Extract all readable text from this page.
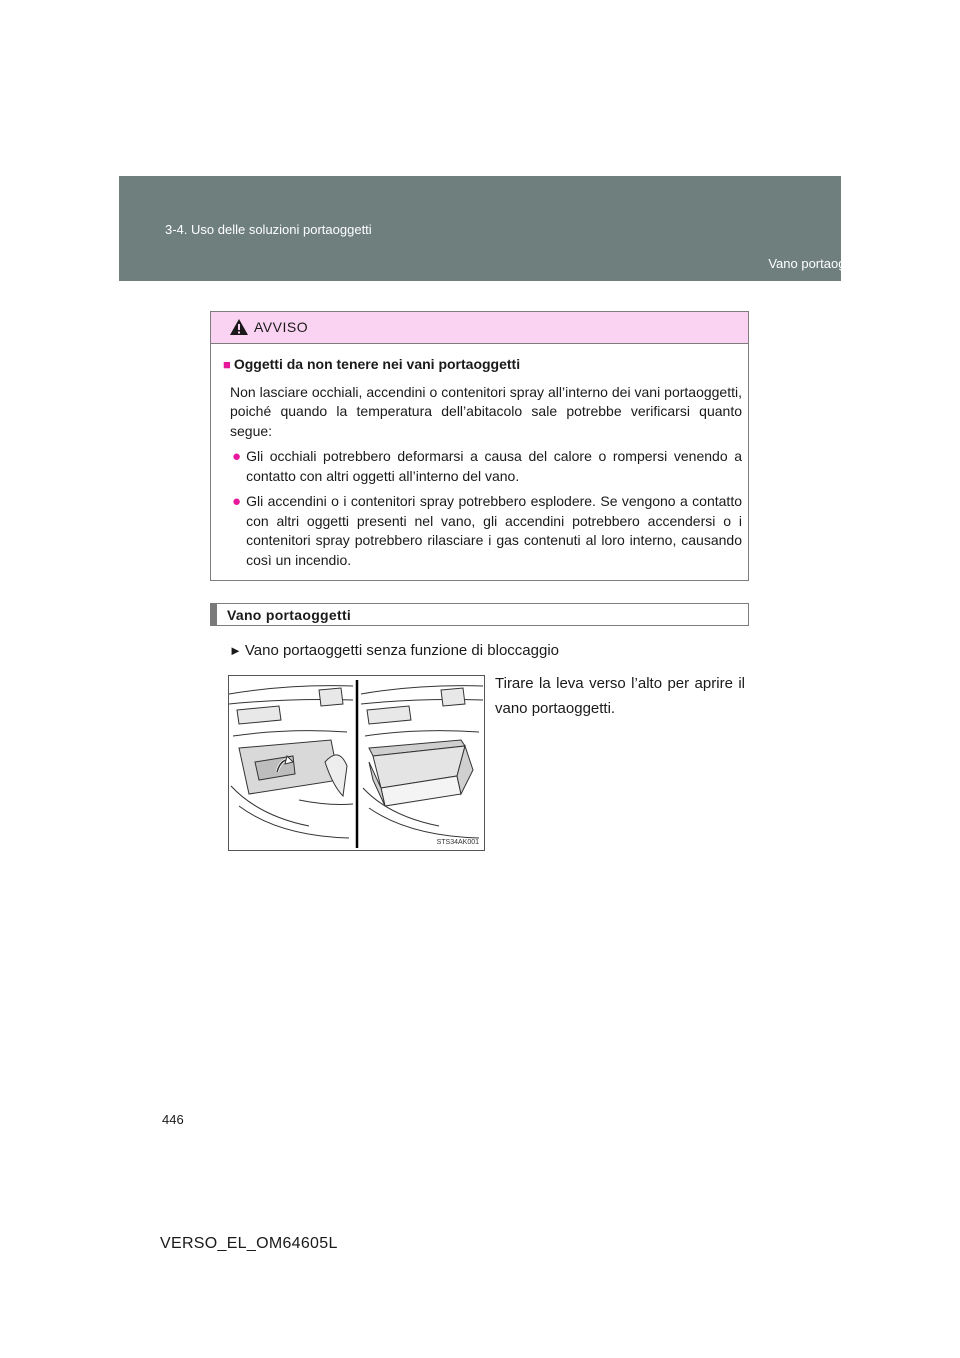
3-4. Uso delle soluzioni portaoggetti
Vano portaoggetti
AVVISO
■ Oggetti da non tenere nei vani portaoggetti
Non lasciare occhiali, accendini o contenitori spray all’interno dei vani portaoggetti, poiché quando la temperatura dell’abitacolo sale potrebbe verificarsi quanto segue:
● Gli occhiali potrebbero deformarsi a causa del calore o rompersi venendo a contatto con altri oggetti all’interno del vano.
● Gli accendini o i contenitori spray potrebbero esplodere. Se vengono a contatto con altri oggetti presenti nel vano, gli accendini potrebbero accendersi o i contenitori spray potrebbero rilasciare i gas contenuti al loro interno, causando così un incendio.
Vano portaoggetti
► Vano portaoggetti senza funzione di bloccaggio
Tirare la leva verso l’alto per aprire il vano portaoggetti.
STS34AK001
446
VERSO_EL_OM64605L
